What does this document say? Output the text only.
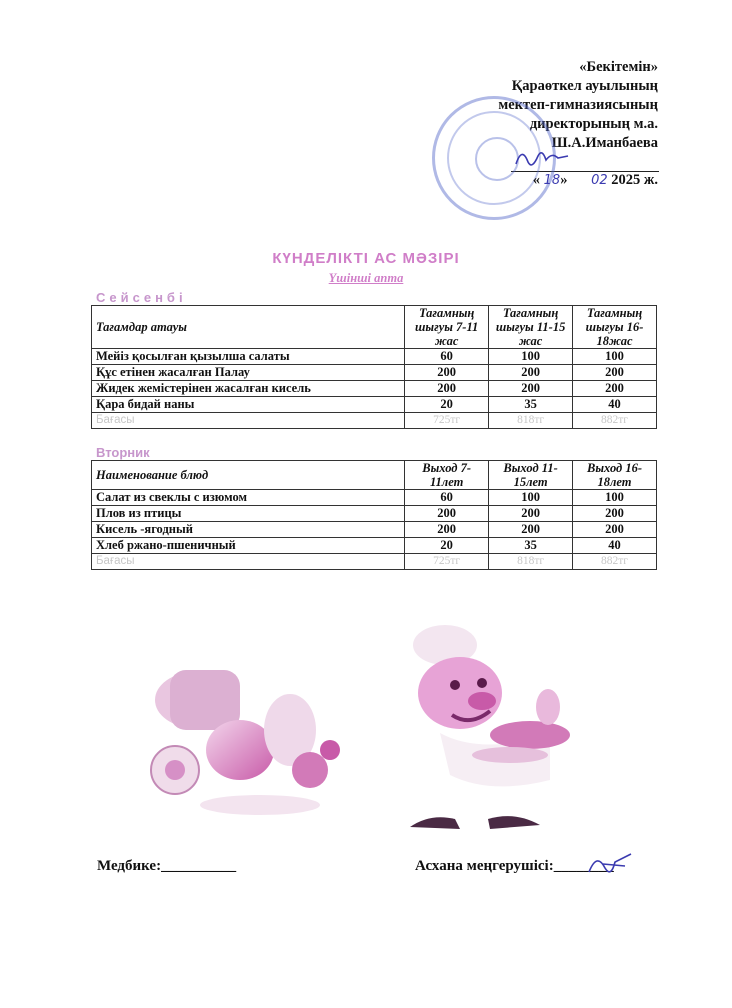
«Бекітемін»
Қараөткел ауылының
мектеп-гимназиясының
директорының м.а.
Ш.А.Иманбаева
« 18» 02 2025 ж.
КҮНДЕЛІКТІ АС МӘЗІРІ
Үшінші апта
Сейсенбі
Тағамдар атауы	Тағамның шығуы 7-11 жас	Тағамның шығуы 11-15 жас	Тағамның шығуы 16-18жас
Мейіз қосылған қызылша салаты	60	100	100
Құс етінен жасалған Палау	200	200	200
Жидек жемістерінен жасалған кисель	200	200	200
Қара бидай наны	20	35	40
Бағасы	725тг	818тг	882тг
Вторник
Наименование блюд	Выход 7-11лет	Выход 11-15лет	Выход 16-18лет
Салат из свеклы с изюмом	60	100	100
Плов из птицы	200	200	200
Кисель -ягодный	200	200	200
Хлеб ржано-пшеничный	20	35	40
Бағасы	725тг	818тг	882тг
Медбике:__________	Асхана меңгерушісі:________
